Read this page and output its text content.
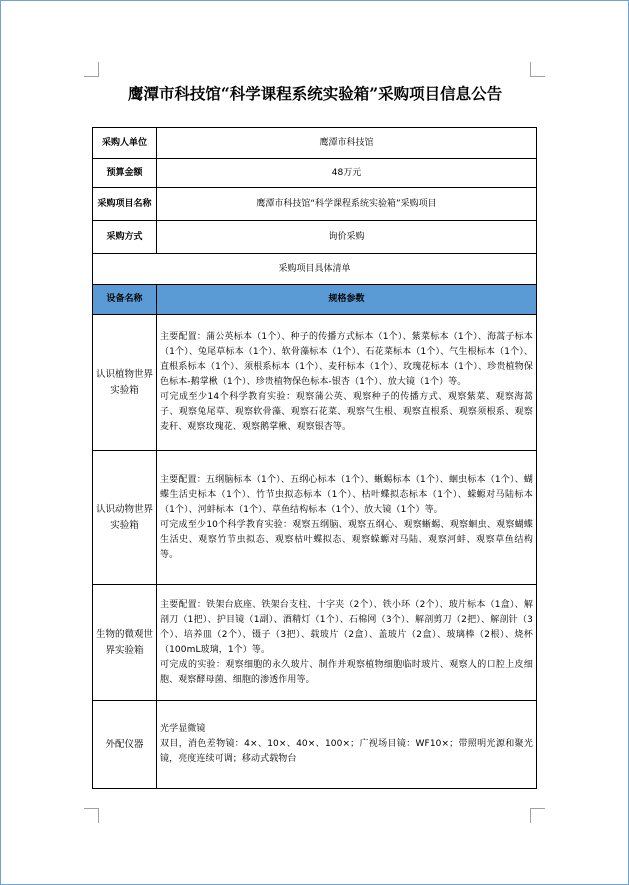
鹰潭市科技馆“科学课程系统实验箱”采购项目信息公告
采购人单位	鹰潭市科技馆
预算金额	48万元
采购项目名称	鹰潭市科技馆“科学课程系统实验箱”采购项目
采购方式	询价采购
采购项目具体清单	
设备名称	规格参数
认识植物世界实验箱	主要配置：蒲公英标本（1个）、种子的传播方式标本（1个）、紫菜标本（1个）、海蒿子标本（1个）、兔尾草标本（1个）、软骨藻标本（1个）、石花菜标本（1个）、气生根标本（1个）、直根系标本（1个）、须根系标本（1个）、麦秆标本（1个）、玫瑰花标本（1个）、珍贵植物保色标本-鹅掌楸（1个）、珍贵植物保色标本-银杏（1个）、放大镜（1个）等。

可完成至少14个科学教育实验：观察蒲公英、观察种子的传播方式、观察紫菜、观察海蒿子、观察兔尾草、观察软骨藻、观察石花菜、观察气生根、观察直根系、观察须根系、观察麦秆、观察玫瑰花、观察鹅掌楸、观察银杏等。

认识动物世界实验箱	主要配置：五纲脑标本（1个）、五纲心标本（1个）、蜥蜴标本（1个）、蛔虫标本（1个）、蝴蝶生活史标本（1个）、竹节虫拟态标本（1个）、枯叶蝶拟态标本（1个）、蝾螈对马陆标本（1个）、河蚌标本（1个）、草鱼结构标本（1个）、放大镜（1个）等。

可完成至少10个科学教育实验：观察五纲脑、观察五纲心、观察蜥蜴、观察蛔虫、观察蝴蝶生活史、观察竹节虫拟态、观察枯叶蝶拟态、观察蝾螈对马陆、观察河蚌、观察草鱼结构等。

生物的微观世界实验箱	主要配置：铁架台底座、铁架台支柱、十字夹（2个）、铁小环（2个）、玻片标本（1盒）、解剖刀（1把）、护目镜（1副）、酒精灯（1个）、石棉网（3个）、解剖剪刀（2把）、解剖针（3个）、培养皿（2个）、镊子（3把）、载玻片（2盒）、盖玻片（2盒）、玻璃棒（2根）、烧杯（100mL玻璃，1个）等。

可完成的实验：观察细胞的永久玻片、制作并观察植物细胞临时玻片、观察人的口腔上皮细胞、观察酵母菌、细胞的渗透作用等。

外配仪器	光学显微镜

双目，消色差物镜：4×、10×、40×、100×；广视场目镜：WF10×；带照明光源和聚光镜，亮度连续可调；移动式载物台
